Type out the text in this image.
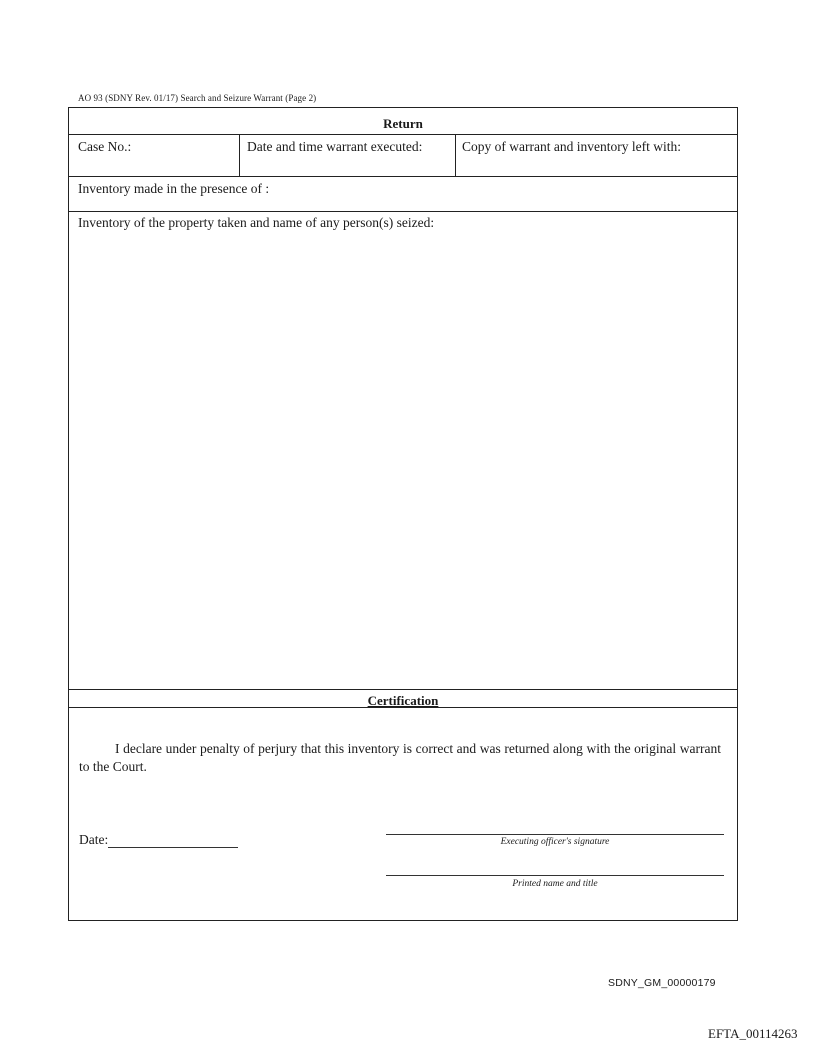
AO 93 (SDNY Rev. 01/17) Search and Seizure Warrant (Page 2)
Return
Case No.:	Date and time warrant executed:	Copy of warrant and inventory left with:
Inventory made in the presence of :
Inventory of the property taken and name of any person(s) seized:
Certification
I declare under penalty of perjury that this inventory is correct and was returned along with the original warrant to the Court.
Date:	Executing officer's signature
Printed name and title
SDNY_GM_00000179
EFTA_00114263
